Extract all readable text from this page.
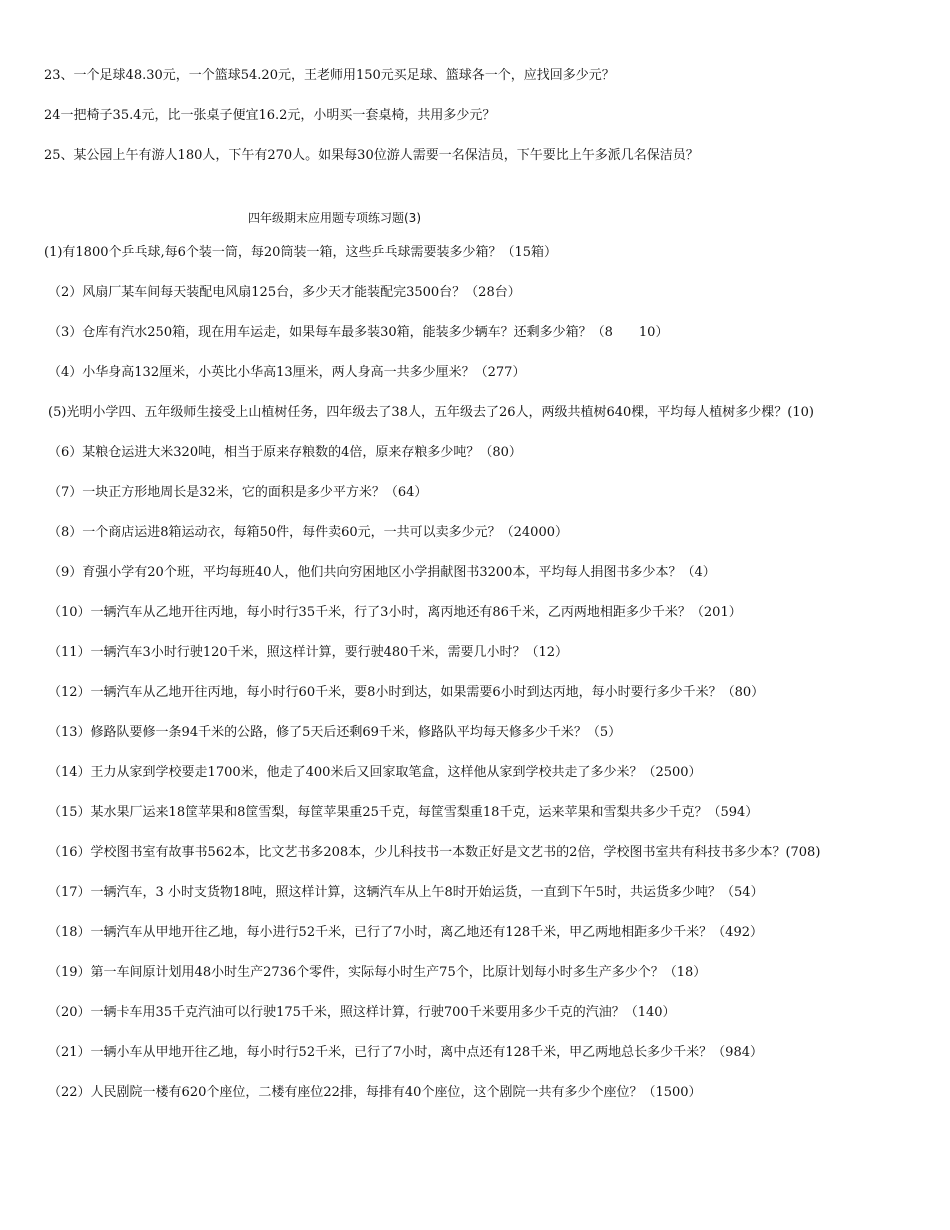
23、一个足球48.30元，一个篮球54.20元，王老师用150元买足球、篮球各一个，应找回多少元？

24一把椅子35.4元，比一张桌子便宜16.2元，小明买一套桌椅，共用多少元？

25、某公园上午有游人180人，下午有270人。如果每30位游人需要一名保洁员，下午要比上午多派几名保洁员？

四年级期末应用题专项练习题(3)

(1)有1800个乒乓球,每6个装一筒，每20筒装一箱，这些乒乓球需要装多少箱？（15箱）

（2）风扇厂某车间每天装配电风扇125台，多少天才能装配完3500台？（28台）

（3）仓库有汽水250箱，现在用车运走，如果每车最多装30箱，能装多少辆车？还剩多少箱？（8　　10）

（4）小华身高132厘米，小英比小华高13厘米，两人身高一共多少厘米？（277）

(5)光明小学四、五年级师生接受上山植树任务，四年级去了38人，五年级去了26人，两级共植树640棵，平均每人植树多少棵？(10)

（6）某粮仓运进大米320吨，相当于原来存粮数的4倍，原来存粮多少吨？（80）

（7）一块正方形地周长是32米，它的面积是多少平方米？（64）

（8）一个商店运进8箱运动衣，每箱50件，每件卖60元，一共可以卖多少元？（24000）

（9）育强小学有20个班，平均每班40人，他们共向穷困地区小学捐献图书3200本，平均每人捐图书多少本？（4）

（10）一辆汽车从乙地开往丙地，每小时行35千米，行了3小时，离丙地还有86千米，乙丙两地相距多少千米？（201）

（11）一辆汽车3小时行驶120千米，照这样计算，要行驶480千米，需要几小时？（12）

（12）一辆汽车从乙地开往丙地，每小时行60千米，要8小时到达，如果需要6小时到达丙地，每小时要行多少千米？（80）

（13）修路队要修一条94千米的公路，修了5天后还剩69千米，修路队平均每天修多少千米？（5）

（14）王力从家到学校要走1700米，他走了400米后又回家取笔盒，这样他从家到学校共走了多少米？（2500）

（15）某水果厂运来18筐苹果和8筐雪梨，每筐苹果重25千克，每筐雪梨重18千克，运来苹果和雪梨共多少千克？（594）

（16）学校图书室有故事书562本，比文艺书多208本，少儿科技书一本数正好是文艺书的2倍，学校图书室共有科技书多少本？(708)

（17）一辆汽车，3 小时支货物18吨，照这样计算，这辆汽车从上午8时开始运货，一直到下午5时，共运货多少吨？（54）

（18）一辆汽车从甲地开往乙地，每小进行52千米，已行了7小时，离乙地还有128千米，甲乙两地相距多少千米？（492）

（19）第一车间原计划用48小时生产2736个零件，实际每小时生产75个，比原计划每小时多生产多少个？（18）

（20）一辆卡车用35千克汽油可以行驶175千米，照这样计算，行驶700千米要用多少千克的汽油？（140）

（21）一辆小车从甲地开往乙地，每小时行52千米，已行了7小时，离中点还有128千米，甲乙两地总长多少千米？（984）

（22）人民剧院一楼有620个座位，二楼有座位22排，每排有40个座位，这个剧院一共有多少个座位？（1500）
